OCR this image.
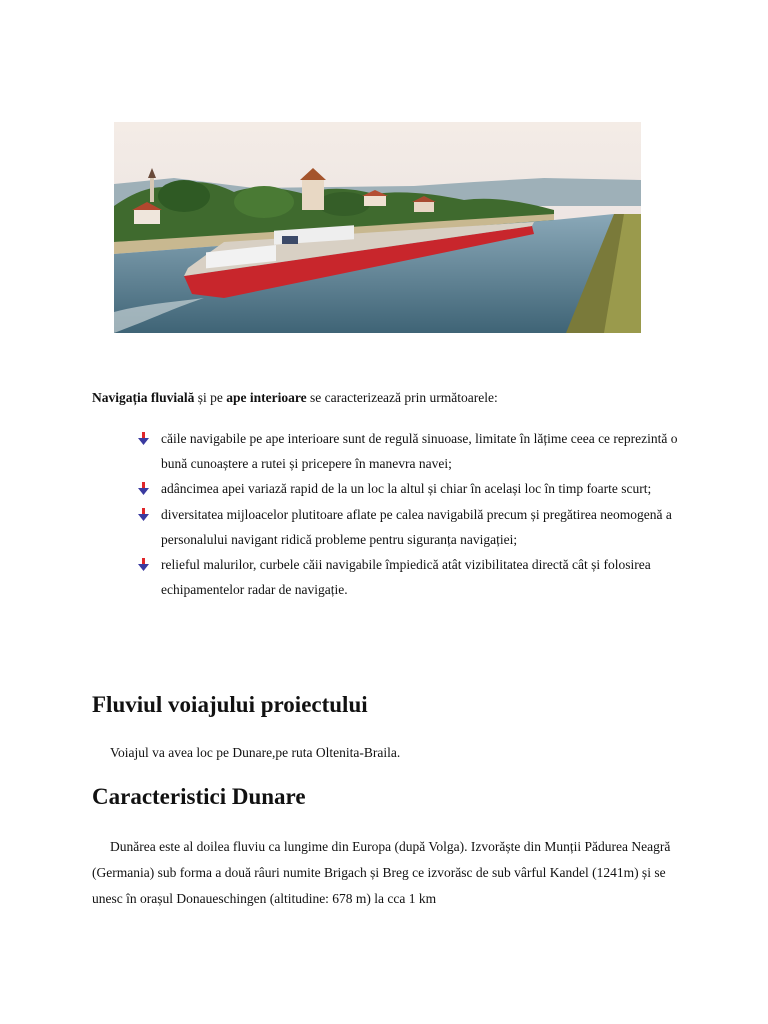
Navigația fluvială și pe ape interioare se caracterizează prin următoarele:
căile navigabile pe ape interioare sunt de regulă sinuoase, limitate în lățime ceea ce reprezintă o bună cunoaștere a rutei și pricepere în manevra navei;
adâncimea apei variază rapid de la un loc la altul și chiar în același loc în timp foarte scurt;
diversitatea mijloacelor plutitoare aflate pe calea navigabilă precum și pregătirea neomogenă a personalului navigant ridică probleme pentru siguranța navigației;
relieful malurilor, curbele căii navigabile împiedică atât vizibilitatea directă cât și folosirea echipamentelor radar de navigație.
Fluviul voiajului proiectului
Voiajul va avea loc pe Dunare,pe ruta Oltenita-Braila.
Caracteristici Dunare
Dunărea este al doilea fluviu ca lungime din Europa (după Volga). Izvorăște din Munții Pădurea Neagră (Germania) sub forma a două râuri numite Brigach și Breg ce izvorăsc de sub vârful Kandel (1241m) și se unesc în orașul Donaueschingen (altitudine: 678 m) la cca 1 km
